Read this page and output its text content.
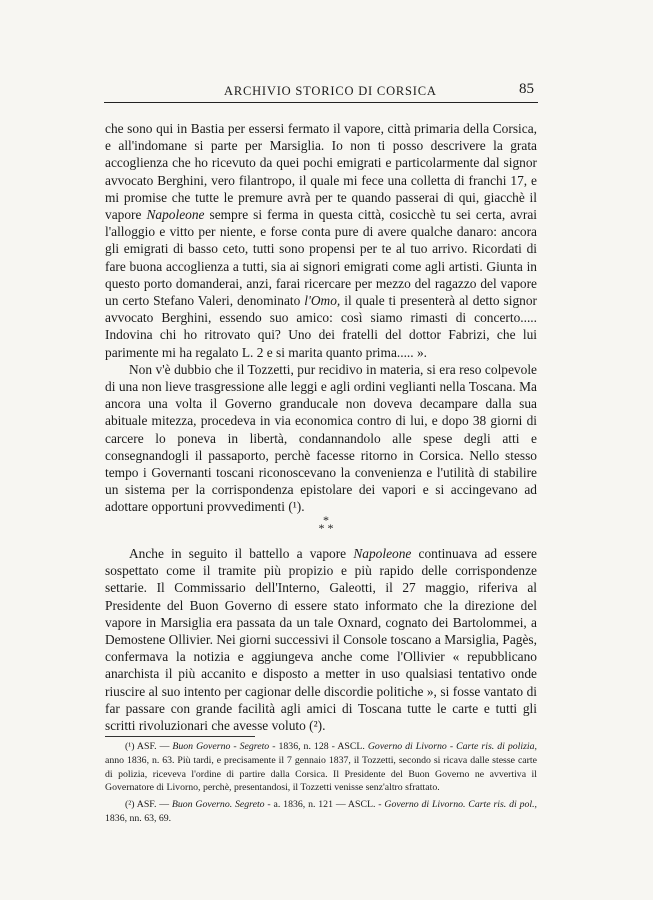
ARCHIVIO STORICO DI CORSICA	85

che sono qui in Bastia per essersi fermato il vapore, città primaria della Corsica, e all'indomane si parte per Marsiglia. Io non ti posso descrivere la grata accoglienza che ho ricevuto da quei pochi emigrati e particolarmente dal signor avvocato Berghini, vero filantropo, il quale mi fece una colletta di franchi 17, e mi promise che tutte le premure avrà per te quando passerai di qui, giacchè il vapore Napoleone sempre si ferma in questa città, cosicchè tu sei certa, avrai l'alloggio e vitto per niente, e forse conta pure di avere qualche danaro: ancora gli emigrati di basso ceto, tutti sono propensi per te al tuo arrivo. Ricordati di fare buona accoglienza a tutti, sia ai signori emigrati come agli artisti. Giunta in questo porto domanderai, anzi, farai ricercare per mezzo del ragazzo del vapore un certo Stefano Valeri, denominato l'Omo, il quale ti presenterà al detto signor avvocato Berghini, essendo suo amico: così siamo rimasti di concerto..... Indovina chi ho ritrovato qui? Uno dei fratelli del dottor Fabrizi, che lui parimente mi ha regalato L. 2 e si marita quanto prima..... ».

Non v'è dubbio che il Tozzetti, pur recidivo in materia, si era reso colpevole di una non lieve trasgressione alle leggi e agli ordini veglianti nella Toscana. Ma ancora una volta il Governo granducale non doveva decampare dalla sua abituale mitezza, procedeva in via economica contro di lui, e dopo 38 giorni di carcere lo poneva in libertà, condannandolo alle spese degli atti e consegnandogli il passaporto, perchè facesse ritorno in Corsica. Nello stesso tempo i Governanti toscani riconoscevano la convenienza e l'utilità di stabilire un sistema per la corrispondenza epistolare dei vapori e si accingevano ad adottare opportuni provvedimenti (¹).

*
* *

Anche in seguito il battello a vapore Napoleone continuava ad essere sospettato come il tramite più propizio e più rapido delle corrispondenze settarie. Il Commissario dell'Interno, Galeotti, il 27 maggio, riferiva al Presidente del Buon Governo di essere stato informato che la direzione del vapore in Marsiglia era passata da un tale Oxnard, cognato dei Bartolommei, a Demostene Ollivier. Nei giorni successivi il Console toscano a Marsiglia, Pagès, confermava la notizia e aggiungeva anche come l'Ollivier « repubblicano anarchista il più accanito e disposto a metter in uso qualsiasi tentativo onde riuscire al suo intento per cagionar delle discordie politiche », si fosse vantato di far passare con grande facilità agli amici di Toscana tutte le carte e tutti gli scritti rivoluzionari che avesse voluto (²).

(¹) ASF. — Buon Governo - Segreto - 1836, n. 128 - ASCL. Governo di Livorno - Carte ris. di polizia, anno 1836, n. 63. Più tardi, e precisamente il 7 gennaio 1837, il Tozzetti, secondo si ricava dalle stesse carte di polizia, riceveva l'ordine di partire dalla Corsica. Il Presidente del Buon Governo ne avvertiva il Governatore di Livorno, perchè, presentandosi, il Tozzetti venisse senz'altro sfrattato.

(²) ASF. — Buon Governo. Segreto - a. 1836, n. 121 — ASCL. - Governo di Livorno. Carte ris. di pol., 1836, nn. 63, 69.
